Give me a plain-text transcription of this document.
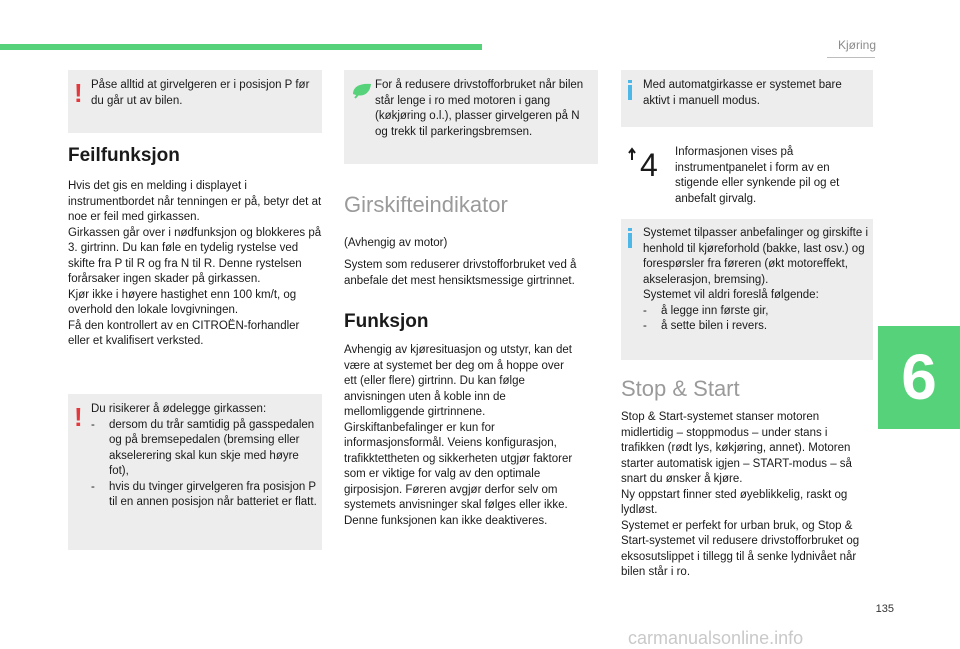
Kjøring
6
135
! Påse alltid at girvelgeren er i posisjon P før du går ut av bilen.
Feilfunksjon
Hvis det gis en melding i displayet i instrumentbordet når tenningen er på, betyr det at noe er feil med girkassen.
Girkassen går over i nødfunksjon og blokkeres på 3. girtrinn. Du kan føle en tydelig rystelse ved skifte fra P til R og fra N til R. Denne rystelsen forårsaker ingen skader på girkassen.
Kjør ikke i høyere hastighet enn 100 km/t, og overhold den lokale lovgivningen.
Få den kontrollert av en CITROËN-forhandler eller et kvalifisert verksted.
! Du risikerer å ødelegge girkassen:
-	dersom du trår samtidig på gasspedalen og på bremsepedalen (bremsing eller akselerering skal kun skje med høyre fot),
-	hvis du tvinger girvelgeren fra posisjon P til en annen posisjon når batteriet er flatt.
For å redusere drivstofforbruket når bilen står lenge i ro med motoren i gang (køkjøring o.l.), plasser girvelgeren på N og trekk til parkeringsbremsen.
Girskifteindikator
(Avhengig av motor)
System som reduserer drivstofforbruket ved å anbefale det mest hensiktsmessige girtrinnet.
Funksjon
Avhengig av kjøresituasjon og utstyr, kan det være at systemet ber deg om å hoppe over ett (eller flere) girtrinn. Du kan følge anvisningen uten å koble inn de mellomliggende girtrinnene.
Girskiftanbefalinger er kun for informasjonsformål. Veiens konfigurasjon, trafikktettheten og sikkerheten utgjør faktorer som er viktige for valg av den optimale girposisjon. Føreren avgjør derfor selv om systemets anvisninger skal følges eller ikke. Denne funksjonen kan ikke deaktiveres.
Med automatgirkasse er systemet bare aktivt i manuell modus.
4 Informasjonen vises på instrumentpanelet i form av en stigende eller synkende pil og et anbefalt girvalg.
Systemet tilpasser anbefalinger og girskifte i henhold til kjøreforhold (bakke, last osv.) og forespørsler fra føreren (økt motoreffekt, akselerasjon, bremsing).
Systemet vil aldri foreslå følgende:
-	å legge inn første gir,
-	å sette bilen i revers.
Stop & Start
Stop & Start-systemet stanser motoren midlertidig – stoppmodus – under stans i trafikken (rødt lys, køkjøring, annet). Motoren starter automatisk igjen – START-modus – så snart du ønsker å kjøre.
Ny oppstart finner sted øyeblikkelig, raskt og lydløst.
Systemet er perfekt for urban bruk, og Stop & Start-systemet vil redusere drivstofforbruket og eksosutslippet i tillegg til å senke lydnivået når bilen står i ro.
carmanualsonline.info
